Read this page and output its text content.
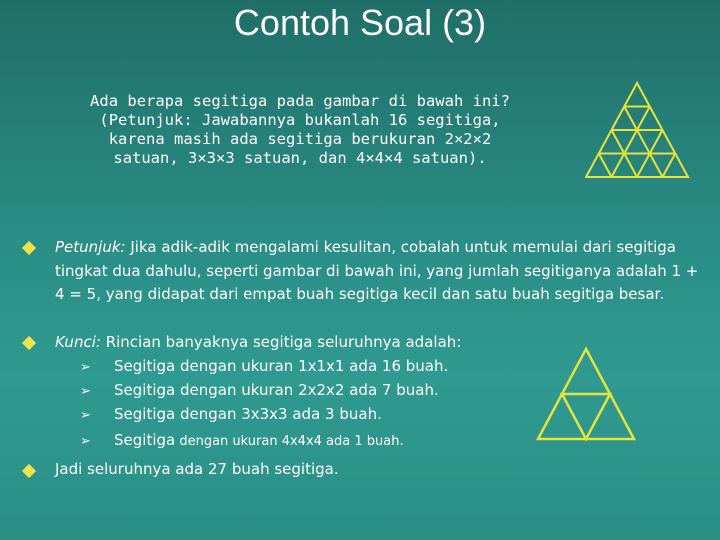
Contoh Soal (3)
Ada berapa segitiga pada gambar di bawah ini?
(Petunjuk: Jawabannya bukanlah 16 segitiga,
karena masih ada segitiga berukuran 2×2×2
satuan, 3×3×3 satuan, dan 4×4×4 satuan).
Petunjuk: Jika adik-adik mengalami kesulitan, cobalah untuk memulai dari segitiga tingkat dua dahulu, seperti gambar di bawah ini, yang jumlah segitiganya adalah 1 + 4 = 5, yang didapat dari empat buah segitiga kecil dan satu buah segitiga besar.
Kunci: Rincian banyaknya segitiga seluruhnya adalah:
➢ Segitiga dengan ukuran 1x1x1 ada 16 buah.
➢ Segitiga dengan ukuran 2x2x2 ada 7 buah.
➢ Segitiga dengan 3x3x3 ada 3 buah.
➢ Segitiga dengan ukuran 4x4x4 ada 1 buah.
Jadi seluruhnya ada 27 buah segitiga.
